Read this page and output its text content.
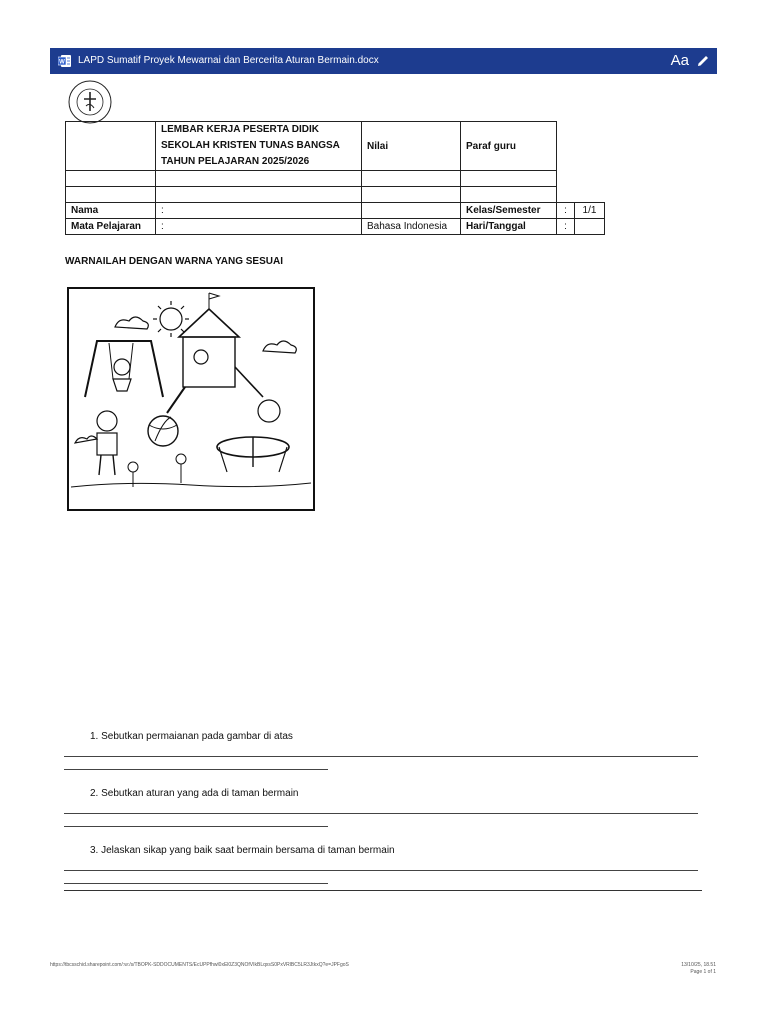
W LAPD Sumatif Proyek Mewarnai dan Bercerita Aturan Bermain.docx	Aa

	LEMBAR KERJA PESERTA DIDIK
SEKOLAH KRISTEN TUNAS BANGSA
TAHUN PELAJARAN 2025/2026	Nilai	Paraf guru		

Nama	:		Kelas/Semester	:	1/1
Mata Pelajaran	:	Bahasa Indonesia	Hari/Tanggal	:	
WARNAILAH DENGAN WARNA YANG SESUAI
1. Sebutkan permaianan pada gambar di atas
2. Sebutkan aturan yang ada di taman bermain
3. Jelaskan sikap yang baik saat bermain bersama di taman bermain
https://tbcsschid.sharepoint.com/:w:/s/TBOPK-SDDOCUMENTS/EcUPPfhwl0xEl0Z3QNOfVIkBLqxsS0PxVRlBC5LR3JtkxQ?e=JPFgoS	13/10/25, 18.51
Page 1 of 1
